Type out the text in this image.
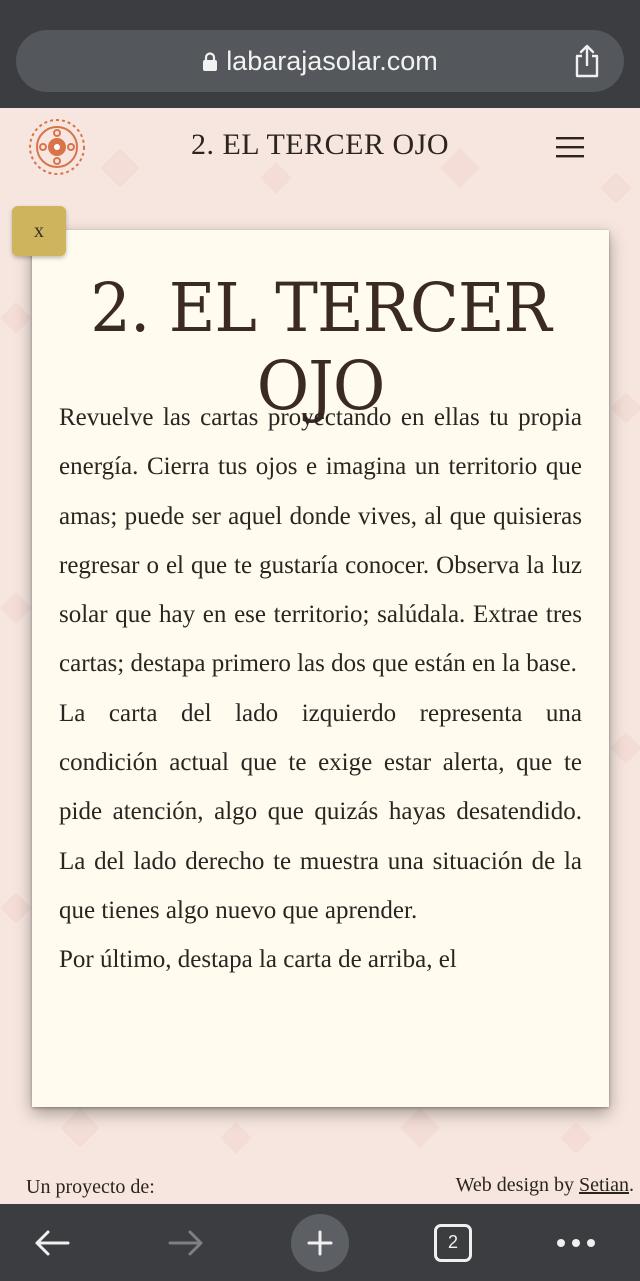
labarajasolar.com
2. EL TERCER OJO
x
2. EL TERCER OJO

Revuelve las cartas proyectando en ellas tu propia energía. Cierra tus ojos e imagina un territorio que amas; puede ser aquel donde vives, al que quisieras regresar o el que te gustaría conocer. Observa la luz solar que hay en ese territorio; salúdala. Extrae tres cartas; destapa primero las dos que están en la base.

La carta del lado izquierdo representa una condición actual que te exige estar alerta, que te pide atención, algo que quizás hayas desatendido. La del lado derecho te muestra una situación de la que tienes algo nuevo que aprender.

Por último, destapa la carta de arriba, el

Un proyecto de:	Web design by Setian.
2
